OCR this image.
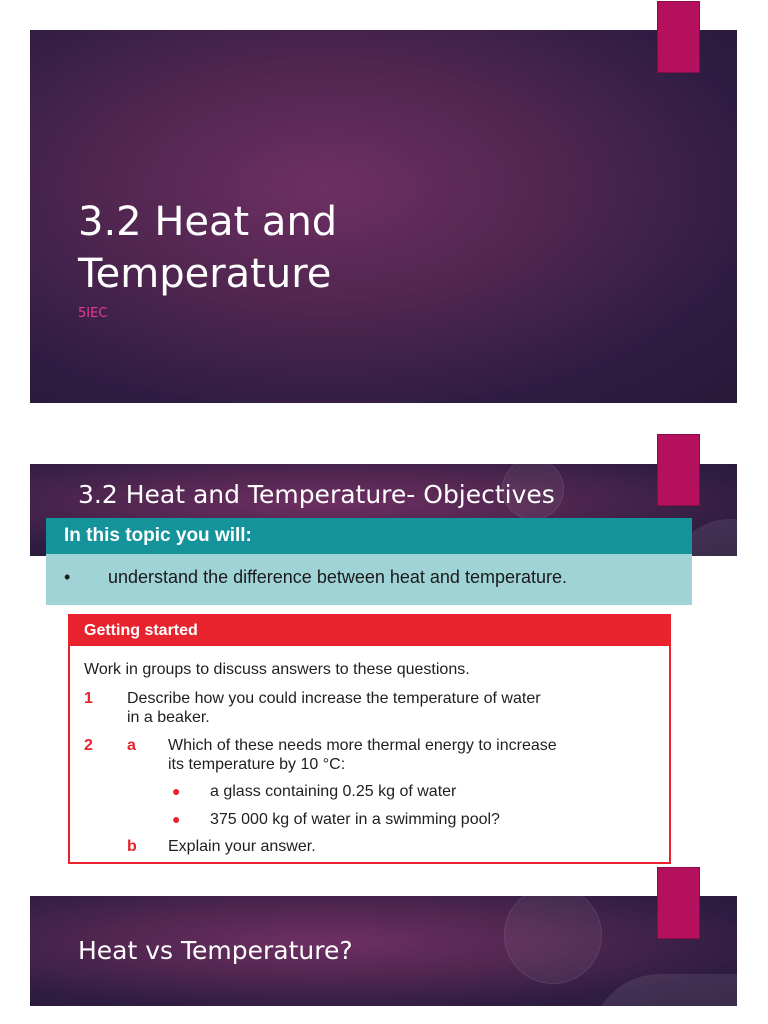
3.2 Heat and
Temperature
5IEC
3.2 Heat and Temperature- Objectives
In this topic you will:
• understand the difference between heat and temperature.
Getting started
Work in groups to discuss answers to these questions.
1 Describe how you could increase the temperature of water
in a beaker.
2 a Which of these needs more thermal energy to increase
its temperature by 10 °C:
● a glass containing 0.25 kg of water
● 375 000 kg of water in a swimming pool?
b Explain your answer.
Heat vs Temperature?
